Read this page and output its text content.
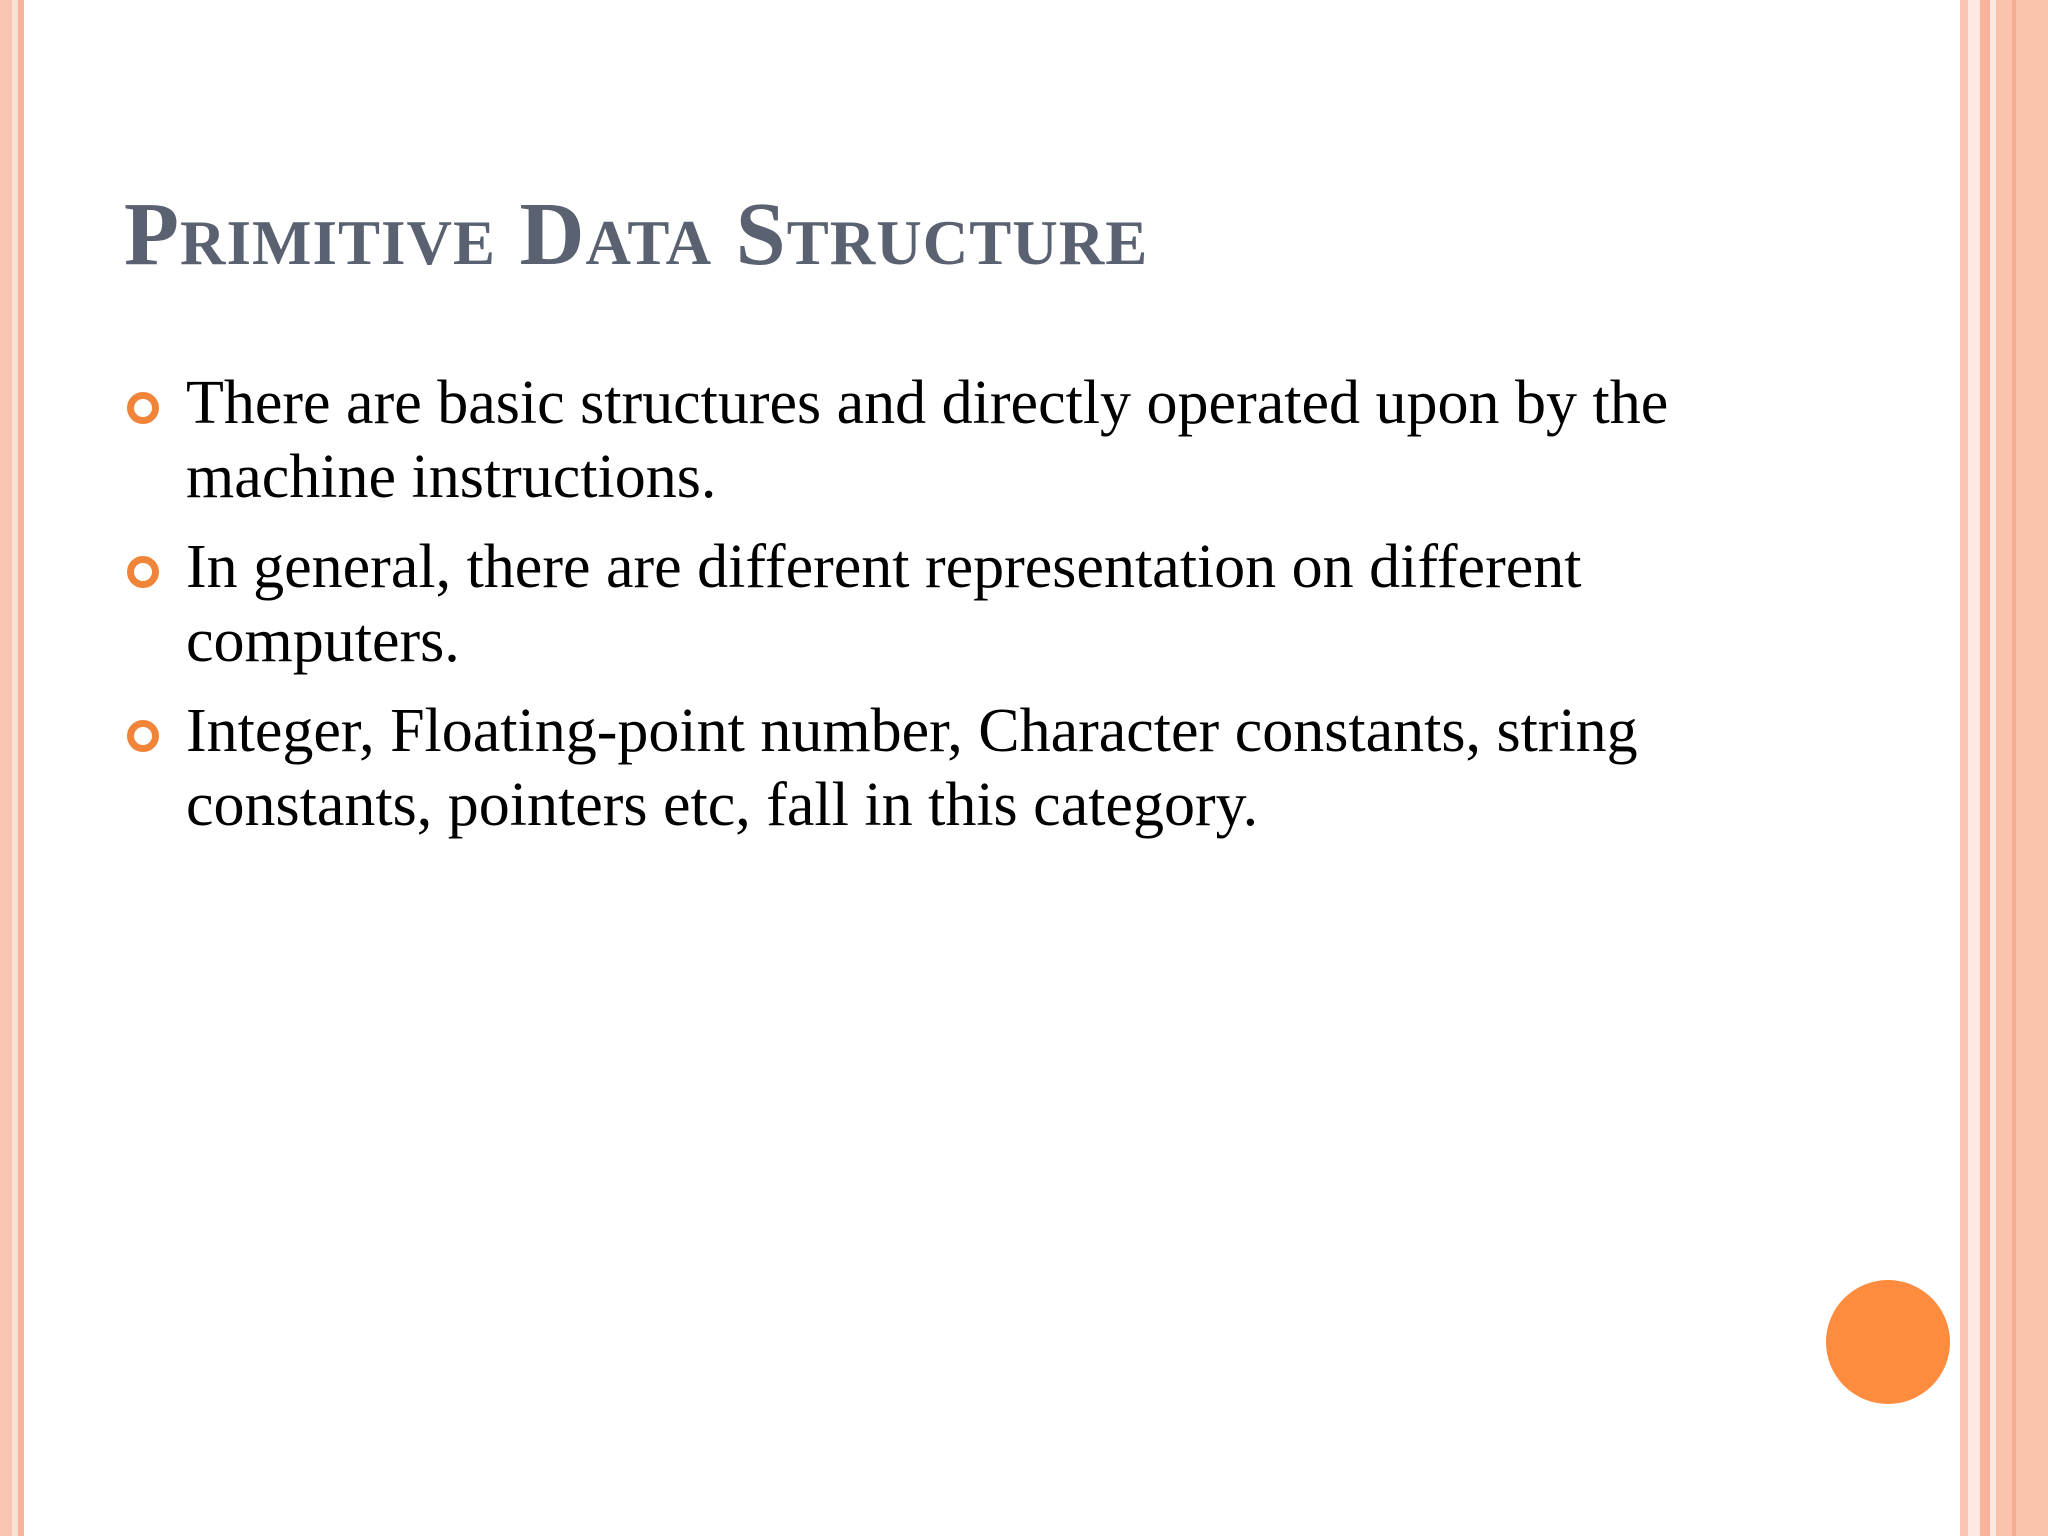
Primitive Data Structure
There are basic structures and directly operated upon by the machine instructions.
In general, there are different representation on different computers.
Integer, Floating-point number, Character constants, string constants, pointers etc, fall in this category.
